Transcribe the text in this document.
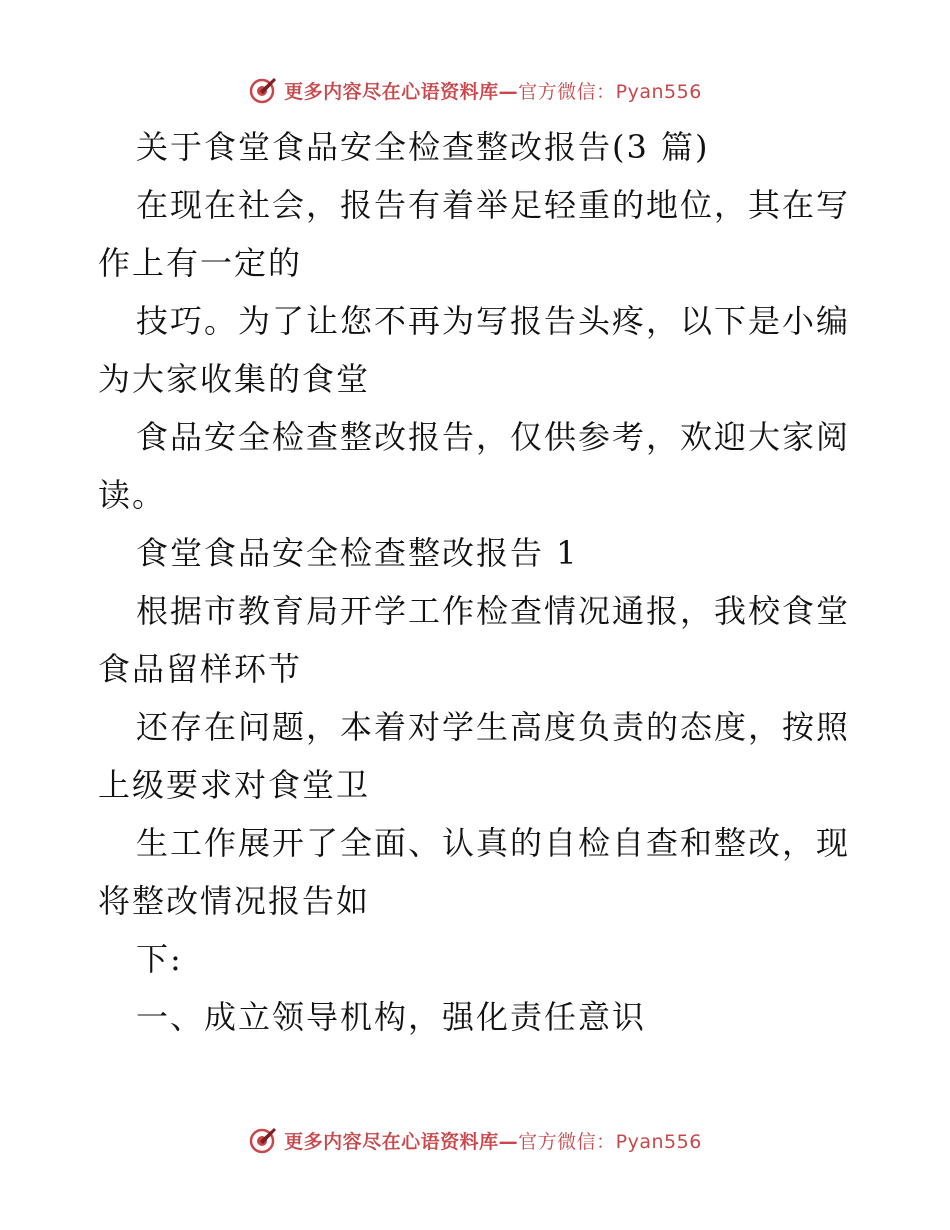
更多内容尽在心语资料库—官方微信：Pyan556
关于食堂食品安全检查整改报告(3 篇)
在现在社会，报告有着举足轻重的地位，其在写
作上有一定的
技巧。为了让您不再为写报告头疼，以下是小编
为大家收集的食堂
食品安全检查整改报告，仅供参考，欢迎大家阅
读。
食堂食品安全检查整改报告 1
根据市教育局开学工作检查情况通报，我校食堂
食品留样环节
还存在问题，本着对学生高度负责的态度，按照
上级要求对食堂卫
生工作展开了全面、认真的自检自查和整改，现
将整改情况报告如
下:
一、成立领导机构，强化责任意识
更多内容尽在心语资料库—官方微信：Pyan556
